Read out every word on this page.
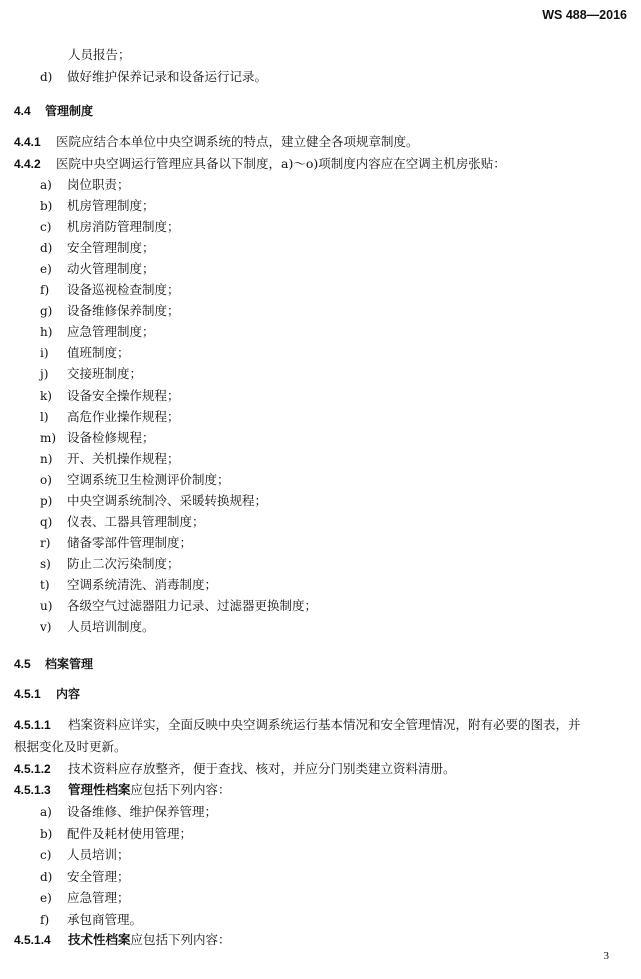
WS 488—2016
人员报告；
d) 做好维护保养记录和设备运行记录。
4.4 管理制度
4.4.1 医院应结合本单位中央空调系统的特点，建立健全各项规章制度。
4.4.2 医院中央空调运行管理应具备以下制度，a)～o)项制度内容应在空调主机房张贴：
a) 岗位职责；
b) 机房管理制度；
c) 机房消防管理制度；
d) 安全管理制度；
e) 动火管理制度；
f) 设备巡视检查制度；
g) 设备维修保养制度；
h) 应急管理制度；
i) 值班制度；
j) 交接班制度；
k) 设备安全操作规程；
l) 高危作业操作规程；
m) 设备检修规程；
n) 开、关机操作规程；
o) 空调系统卫生检测评价制度；
p) 中央空调系统制冷、采暖转换规程；
q) 仪表、工器具管理制度；
r) 储备零部件管理制度；
s) 防止二次污染制度；
t) 空调系统清洗、消毒制度；
u) 各级空气过滤器阻力记录、过滤器更换制度；
v) 人员培训制度。
4.5 档案管理
4.5.1 内容
4.5.1.1 档案资料应详实，全面反映中央空调系统运行基本情况和安全管理情况，附有必要的图表，并
根据变化及时更新。
4.5.1.2 技术资料应存放整齐，便于查找、核对，并应分门别类建立资料清册。
4.5.1.3 管理性档案应包括下列内容：
a) 设备维修、维护保养管理；
b) 配件及耗材使用管理；
c) 人员培训；
d) 安全管理；
e) 应急管理；
f) 承包商管理。
4.5.1.4 技术性档案应包括下列内容：
3
